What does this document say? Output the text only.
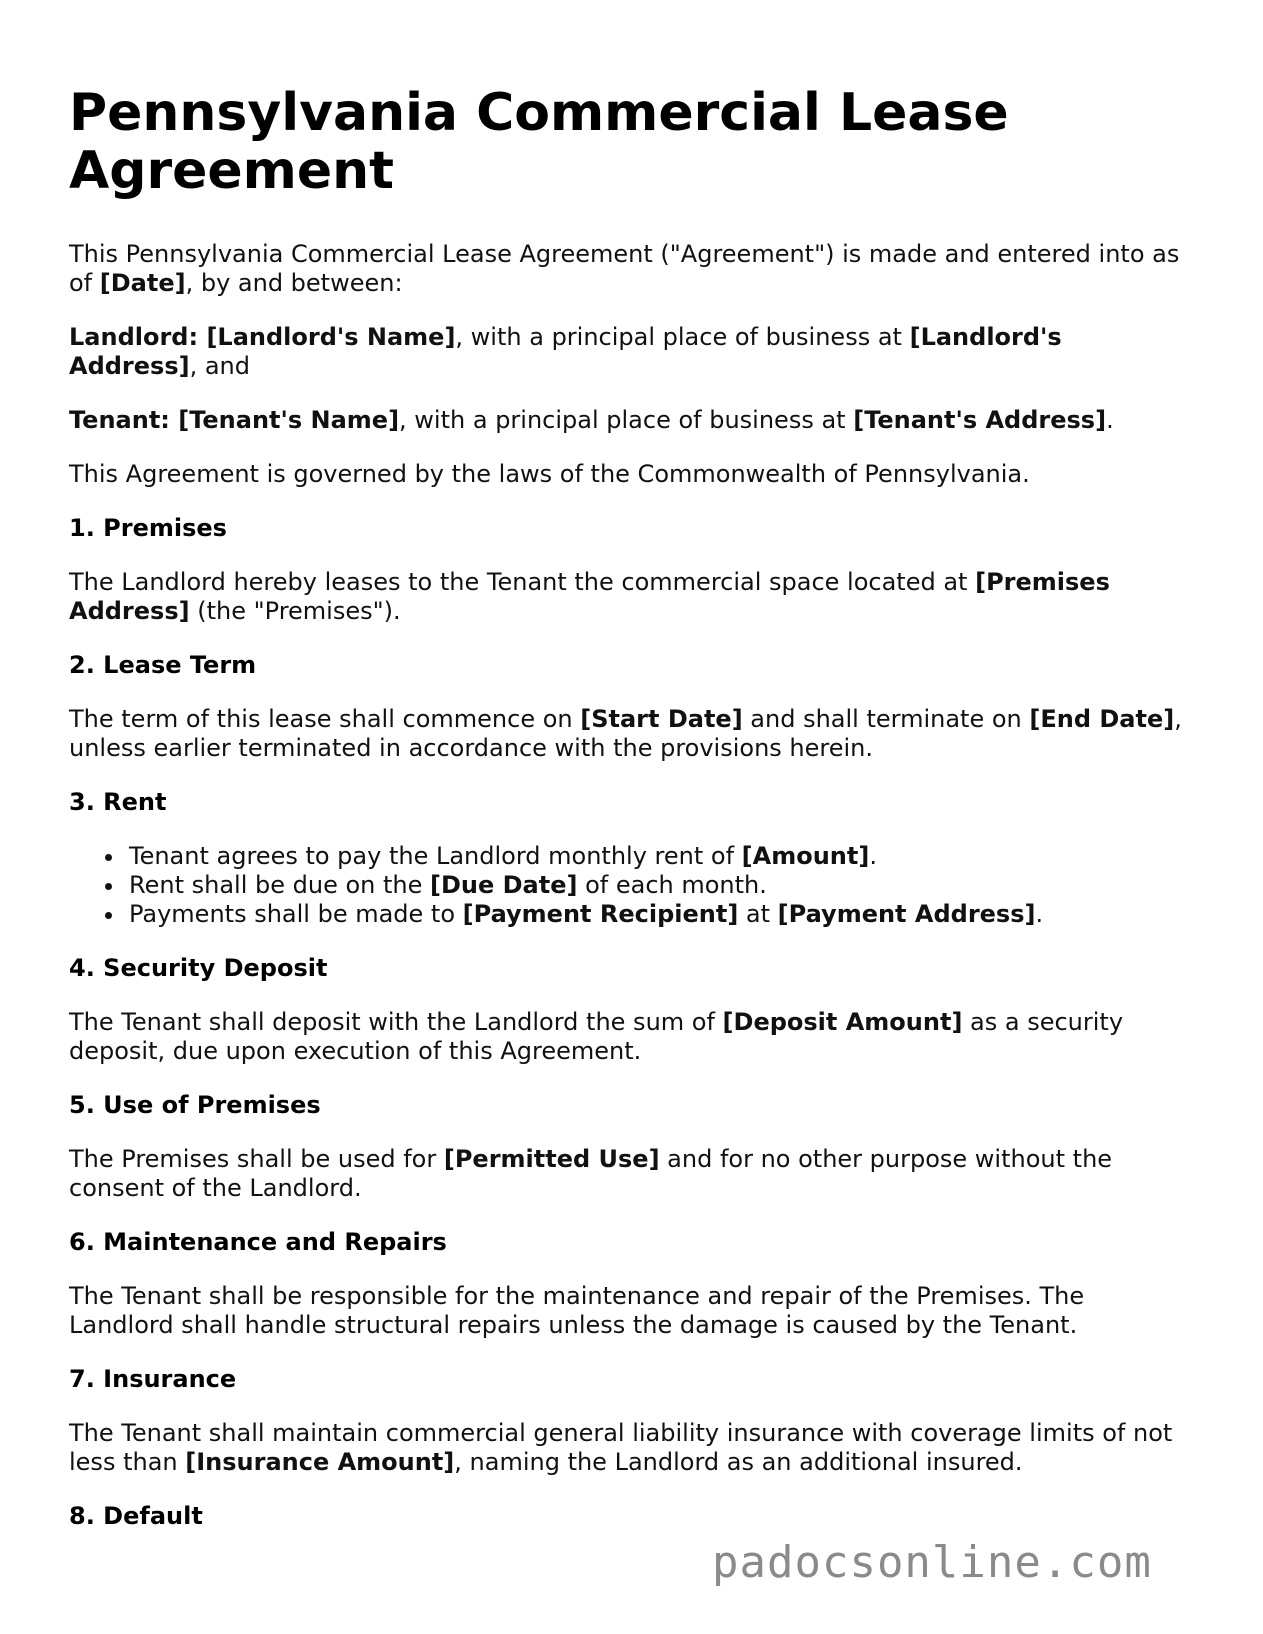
Pennsylvania Commercial Lease Agreement

This Pennsylvania Commercial Lease Agreement ("Agreement") is made and entered into as of [Date], by and between:

Landlord: [Landlord's Name], with a principal place of business at [Landlord's Address], and

Tenant: [Tenant's Name], with a principal place of business at [Tenant's Address].

This Agreement is governed by the laws of the Commonwealth of Pennsylvania.

1. Premises

The Landlord hereby leases to the Tenant the commercial space located at [Premises Address] (the "Premises").

2. Lease Term

The term of this lease shall commence on [Start Date] and shall terminate on [End Date], unless earlier terminated in accordance with the provisions herein.

3. Rent
Tenant agrees to pay the Landlord monthly rent of [Amount].
Rent shall be due on the [Due Date] of each month.
Payments shall be made to [Payment Recipient] at [Payment Address].
4. Security Deposit

The Tenant shall deposit with the Landlord the sum of [Deposit Amount] as a security deposit, due upon execution of this Agreement.

5. Use of Premises

The Premises shall be used for [Permitted Use] and for no other purpose without the consent of the Landlord.

6. Maintenance and Repairs

The Tenant shall be responsible for the maintenance and repair of the Premises. The Landlord shall handle structural repairs unless the damage is caused by the Tenant.

7. Insurance

The Tenant shall maintain commercial general liability insurance with coverage limits of not less than [Insurance Amount], naming the Landlord as an additional insured.

8. Default
padocsonline.com
